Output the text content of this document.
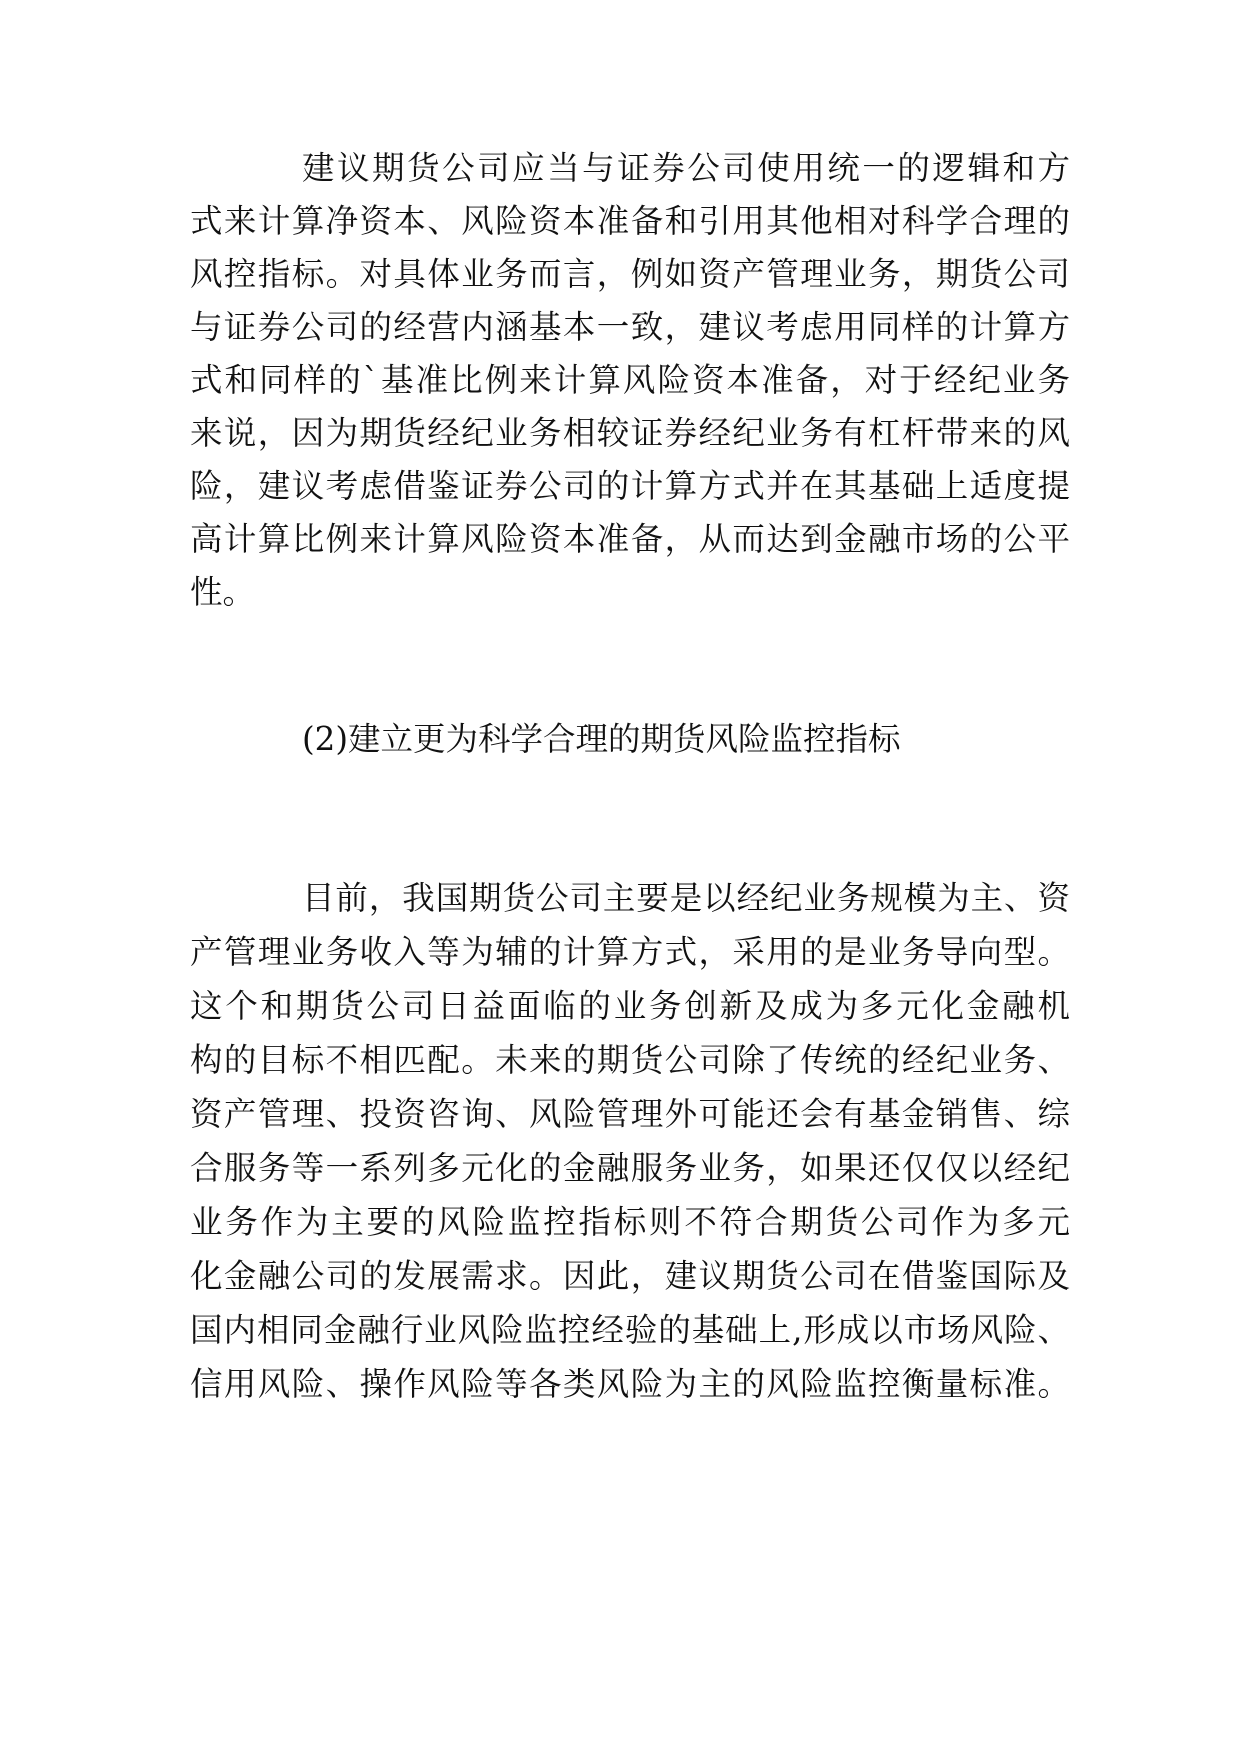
建议期货公司应当与证券公司使用统一的逻辑和方
式来计算净资本、风险资本准备和引用其他相对科学合理的
风控指标。对具体业务而言，例如资产管理业务，期货公司
与证券公司的经营内涵基本一致，建议考虑用同样的计算方
式和同样的`基准比例来计算风险资本准备，对于经纪业务
来说，因为期货经纪业务相较证券经纪业务有杠杆带来的风
险，建议考虑借鉴证券公司的计算方式并在其基础上适度提
高计算比例来计算风险资本准备，从而达到金融市场的公平
性。
(2)建立更为科学合理的期货风险监控指标
目前，我国期货公司主要是以经纪业务规模为主、资
产管理业务收入等为辅的计算方式，采用的是业务导向型。
这个和期货公司日益面临的业务创新及成为多元化金融机
构的目标不相匹配。未来的期货公司除了传统的经纪业务、
资产管理、投资咨询、风险管理外可能还会有基金销售、综
合服务等一系列多元化的金融服务业务，如果还仅仅以经纪
业务作为主要的风险监控指标则不符合期货公司作为多元
化金融公司的发展需求。因此，建议期货公司在借鉴国际及
国内相同金融行业风险监控经验的基础上,形成以市场风险、
信用风险、操作风险等各类风险为主的风险监控衡量标准。
